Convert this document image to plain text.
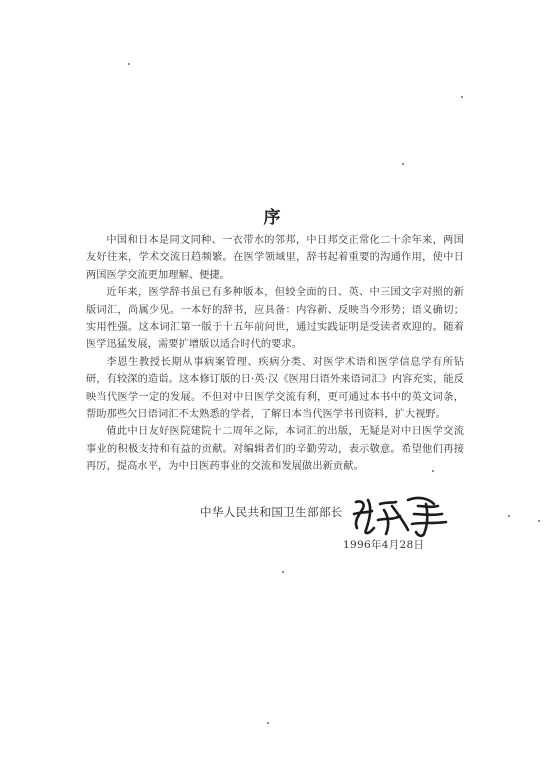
序

中国和日本是同文同种、一衣带水的邻邦，中日邦交正常化二十余年来，两国友好往来，学术交流日趋频繁。在医学领域里，辞书起着重要的沟通作用，使中日两国医学交流更加理解、便捷。

近年来，医学辞书虽已有多种版本，但较全面的日、英、中三国文字对照的新版词汇，尚属少见。一本好的辞书，应具备：内容新、反映当今形势；语义确切；实用性强。这本词汇第一版于十五年前问世，通过实践证明是受读者欢迎的。随着医学迅猛发展，需要扩增版以适合时代的要求。

李恩生教授长期从事病案管理、疾病分类、对医学术语和医学信息学有所钻研，有较深的造诣。这本修订版的日·英·汉《医用日语外来语词汇》内容充实，能反映当代医学一定的发展。不但对中日医学交流有利，更可通过本书中的英文词条，帮助那些欠日语词汇不太熟悉的学者，了解日本当代医学书刊资料，扩大视野。

值此中日友好医院建院十二周年之际，本词汇的出版，无疑是对中日医学交流事业的积极支持和有益的贡献。对编辑者们的辛勤劳动，表示敬意。希望他们再接再厉，提高水平，为中日医药事业的交流和发展做出新贡献。

中华人民共和国卫生部部长
1996年4月28日
